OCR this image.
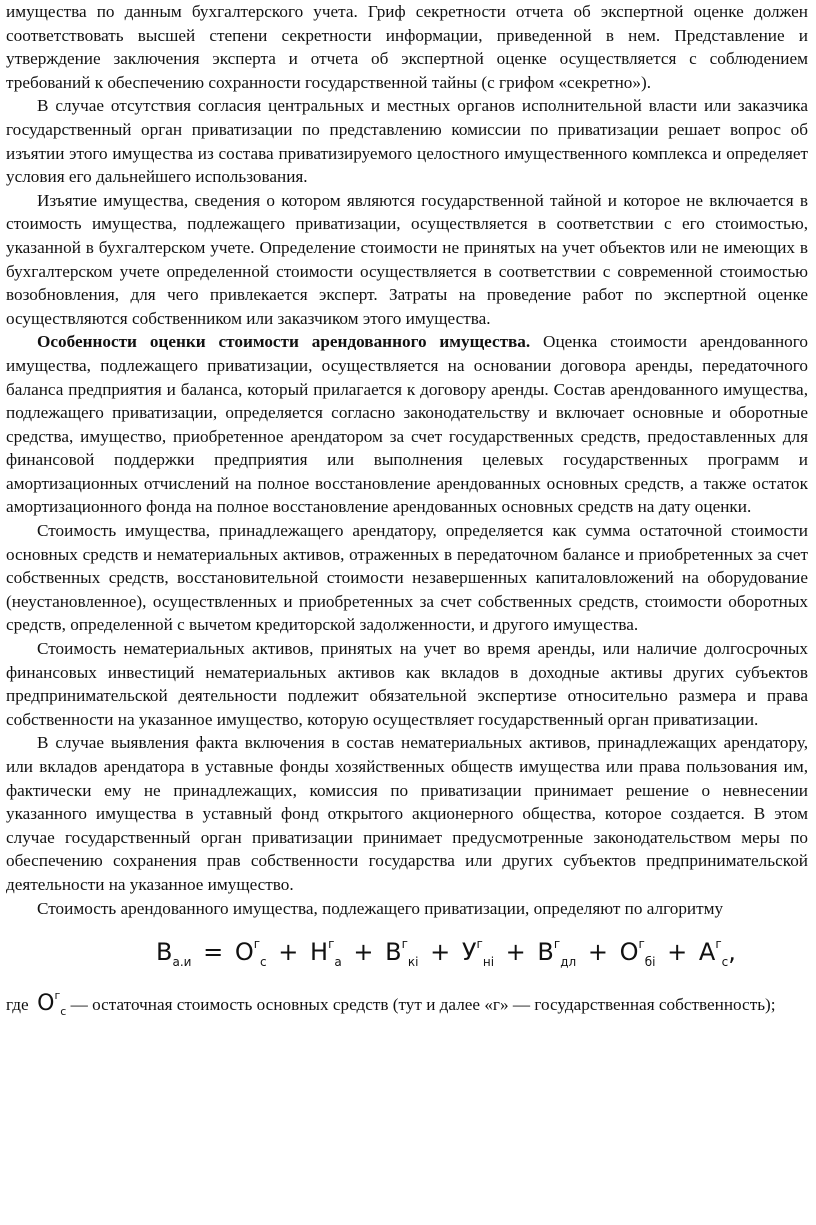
имущества по данным бухгалтерского учета. Гриф секретности отчета об экспертной оценке должен соответствовать высшей степени секретности информации, приведенной в нем. Представление и утверждение заключения эксперта и отчета об экспертной оценке осуществляется с соблюдением требований к обеспечению сохранности государственной тайны (с грифом «секретно»).

В случае отсутствия согласия центральных и местных органов исполнительной власти или заказчика государственный орган приватизации по представлению комиссии по приватизации решает вопрос об изъятии этого имущества из состава приватизируемого целостного имущественного комплекса и определяет условия его дальнейшего использования.

Изъятие имущества, сведения о котором являются государственной тайной и которое не включается в стоимость имущества, подлежащего приватизации, осуществляется в соответствии с его стоимостью, указанной в бухгалтерском учете. Определение стоимости не принятых на учет объектов или не имеющих в бухгалтерском учете определенной стоимости осуществляется в соответствии с современной стоимостью возобновления, для чего привлекается эксперт. Затраты на проведение работ по экспертной оценке осуществляются собственником или заказчиком этого имущества.

Особенности оценки стоимости арендованного имущества. Оценка стоимости арендованного имущества, подлежащего приватизации, осуществляется на основании договора аренды, передаточного баланса предприятия и баланса, который прилагается к договору аренды. Состав арендованного имущества, подлежащего приватизации, определяется согласно законодательству и включает основные и оборотные средства, имущество, приобретенное арендатором за счет государственных средств, предоставленных для финансовой поддержки предприятия или выполнения целевых государственных программ и амортизационных отчислений на полное восстановление арендованных основных средств, а также остаток амортизационного фонда на полное восстановление арендованных основных средств на дату оценки.

Стоимость имущества, принадлежащего арендатору, определяется как сумма остаточной стоимости основных средств и нематериальных активов, отраженных в передаточном балансе и приобретенных за счет собственных средств, восстановительной стоимости незавершенных капиталовложений на оборудование (неустановленное), осуществленных и приобретенных за счет собственных средств, стоимости оборотных средств, определенной с вычетом кредиторской задолженности, и другого имущества.

Стоимость нематериальных активов, принятых на учет во время аренды, или наличие долгосрочных финансовых инвестиций нематериальных активов как вкладов в доходные активы других субъектов предпринимательской деятельности подлежит обязательной экспертизе относительно размера и права собственности на указанное имущество, которую осуществляет государственный орган приватизации.

В случае выявления факта включения в состав нематериальных активов, принадлежащих арендатору, или вкладов арендатора в уставные фонды хозяйственных обществ имущества или права пользования им, фактически ему не принадлежащих, комиссия по приватизации принимает решение о невнесении указанного имущества в уставный фонд открытого акционерного общества, которое создается. В этом случае государственный орган приватизации принимает предусмотренные законодательством меры по обеспечению сохранения прав собственности государства или других субъектов предпринимательской деятельности на указанное имущество.

Стоимость арендованного имущества, подлежащего приватизации, определяют по алгоритму

$В_{а.и} = О^г_с + Н^г_а + В^г_{кi} + У^г_{нi} + В^г_{дл} + О^г_{бi} + А^г_с$,

где $О^г_с$ — остаточная стоимость основных средств (тут и далее «г» — государственная собственность);
